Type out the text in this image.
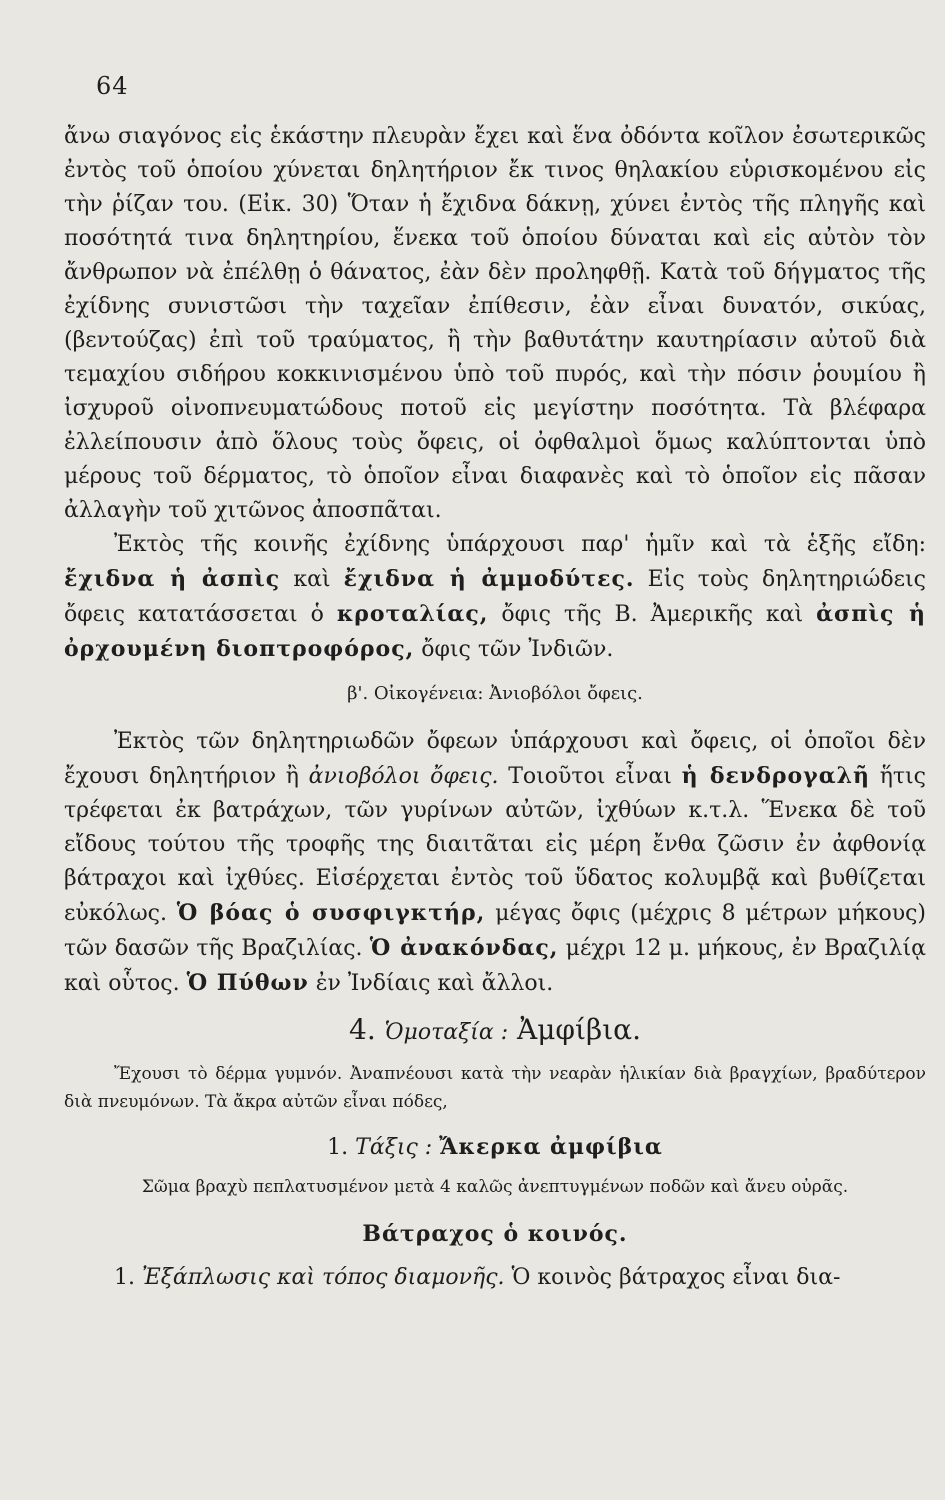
64

ἄνω σιαγόνος εἰς ἑκάστην πλευρὰν ἔχει καὶ ἕνα ὀδόντα κοῖλον ἐσωτερικῶς ἐντὸς τοῦ ὁποίου χύνεται δηλητήριον ἔκ τινος θηλακίου εὑρισκομένου εἰς τὴν ῥίζαν του. (Εἰκ. 30) Ὅταν ἡ ἔχιδνα δάκνῃ, χύνει ἐντὸς τῆς πληγῆς καὶ ποσότητά τινα δηλητηρίου, ἕνεκα τοῦ ὁποίου δύναται καὶ εἰς αὐτὸν τὸν ἄνθρωπον νὰ ἐπέλθῃ ὁ θάνατος, ἐὰν δὲν προληφθῇ. Κατὰ τοῦ δήγματος τῆς ἐχίδνης συνιστῶσι τὴν ταχεῖαν ἐπίθεσιν, ἐὰν εἶναι δυνατόν, σικύας, (βεντούζας) ἐπὶ τοῦ τραύματος, ἢ τὴν βαθυτάτην καυτηρίασιν αὐτοῦ διὰ τεμαχίου σιδήρου κοκκινισμένου ὑπὸ τοῦ πυρός, καὶ τὴν πόσιν ῥουμίου ἢ ἰσχυροῦ οἰνοπνευματώδους ποτοῦ εἰς μεγίστην ποσότητα. Τὰ βλέφαρα ἐλλείπουσιν ἀπὸ ὅλους τοὺς ὄφεις, οἱ ὀφθαλμοὶ ὅμως καλύπτονται ὑπὸ μέρους τοῦ δέρματος, τὸ ὁποῖον εἶναι διαφανὲς καὶ τὸ ὁποῖον εἰς πᾶσαν ἀλλαγὴν τοῦ χιτῶνος ἀποσπᾶται.

Ἐκτὸς τῆς κοινῆς ἐχίδνης ὑπάρχουσι παρ' ἡμῖν καὶ τὰ ἑξῆς εἴδη: ἔχιδνα ἡ ἀσπὶς καὶ ἔχιδνα ἡ ἀμμοδύτες. Εἰς τοὺς δηλητηριώδεις ὄφεις κατατάσσεται ὁ κροταλίας, ὄφις τῆς Β. Ἀμερικῆς καὶ ἀσπὶς ἡ ὀρχουμένη διοπτροφόρος, ὄφις τῶν Ἰνδιῶν.

β'. Οἰκογένεια: Ἀνιοβόλοι ὄφεις.

Ἐκτὸς τῶν δηλητηριωδῶν ὄφεων ὑπάρχουσι καὶ ὄφεις, οἱ ὁποῖοι δὲν ἔχουσι δηλητήριον ἢ ἀνιοβόλοι ὄφεις. Τοιοῦτοι εἶναι ἡ δενδρογαλῆ ἥτις τρέφεται ἐκ βατράχων, τῶν γυρίνων αὐτῶν, ἰχθύων κ.τ.λ. Ἕνεκα δὲ τοῦ εἴδους τούτου τῆς τροφῆς της διαιτᾶται εἰς μέρη ἔνθα ζῶσιν ἐν ἀφθονίᾳ βάτραχοι καὶ ἰχθύες. Εἰσέρχεται ἐντὸς τοῦ ὕδατος κολυμβᾷ καὶ βυθίζεται εὐκόλως. Ὁ βόας ὁ συσφιγκτήρ, μέγας ὄφις (μέχρις 8 μέτρων μήκους) τῶν δασῶν τῆς Βραζιλίας. Ὁ ἀνακόνδας, μέχρι 12 μ. μήκους, ἐν Βραζιλίᾳ καὶ οὗτος. Ὁ Πύθων ἐν Ἰνδίαις καὶ ἄλλοι.

4. Ὁμοταξία : Ἀμφίβια.

Ἔχουσι τὸ δέρμα γυμνόν. Ἀναπνέουσι κατὰ τὴν νεαρὰν ἡλικίαν διὰ βραγχίων, βραδύτερον διὰ πνευμόνων. Τὰ ἄκρα αὐτῶν εἶναι πόδες,

1. Τάξις : Ἄκερκα ἀμφίβια

Σῶμα βραχὺ πεπλατυσμένον μετὰ 4 καλῶς ἀνεπτυγμένων ποδῶν καὶ ἄνευ οὐρᾶς.

Βάτραχος ὁ κοινός.

1. Ἐξάπλωσις καὶ τόπος διαμονῆς. Ὁ κοινὸς βάτραχος εἶναι δια-
